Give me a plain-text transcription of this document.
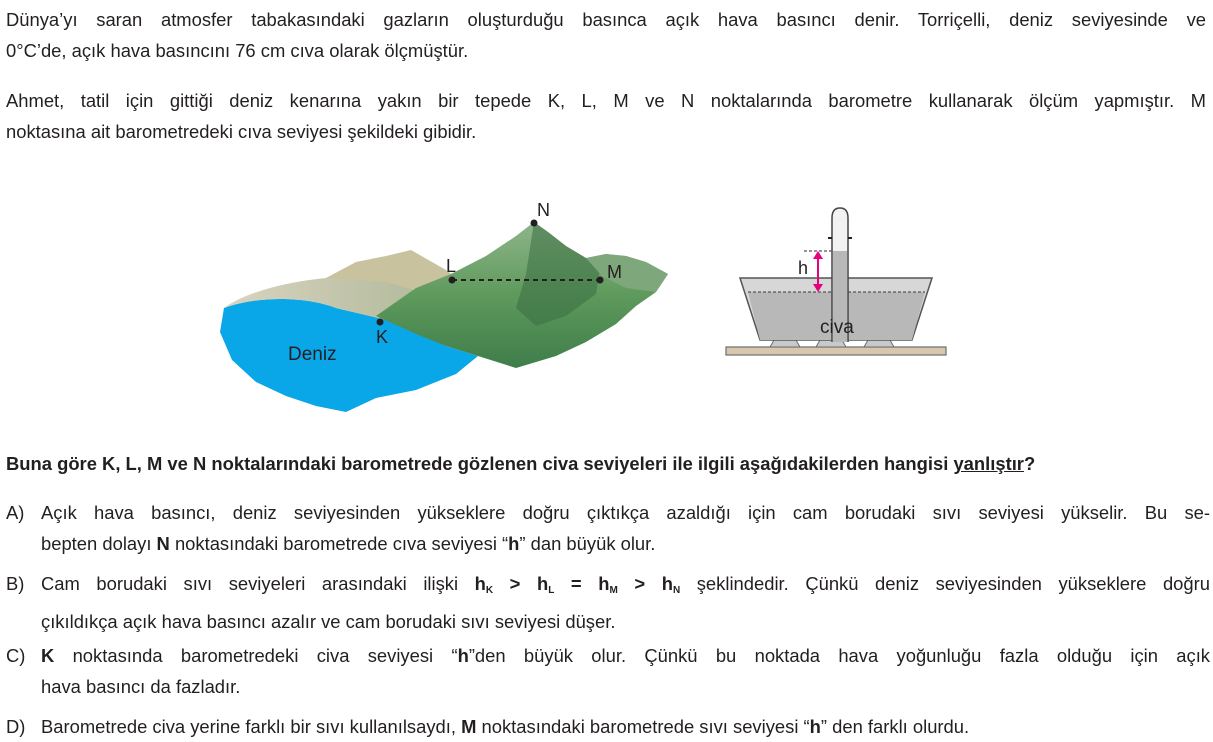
Dünya’yı saran atmosfer tabakasındaki gazların oluşturduğu basınca açık hava basıncı denir. Torriçelli, deniz seviyesinde ve
0°C’de, açık hava basıncını 76 cm cıva olarak ölçmüştür.

Ahmet, tatil için gittiği deniz kenarına yakın bir tepede K, L, M ve N noktalarında barometre kullanarak ölçüm yapmıştır. M
noktasına ait barometredeki cıva seviyesi şekildeki gibidir.

N
L	M
K
Deniz
h
civa

Buna göre K, L, M ve N noktalarındaki barometrede gözlenen civa seviyeleri ile ilgili aşağıdakilerden hangisi yanlıştır?

A) Açık hava basıncı, deniz seviyesinden yükseklere doğru çıktıkça azaldığı için cam borudaki sıvı seviyesi yükselir. Bu se-
bepten dolayı N noktasındaki barometrede cıva seviyesi “h” dan büyük olur.
B) Cam borudaki sıvı seviyeleri arasındaki ilişki $h_K > h_L = h_M > h_N$ şeklindedir. Çünkü deniz seviyesinden yükseklere doğru
çıkıldıkça açık hava basıncı azalır ve cam borudaki sıvı seviyesi düşer.
C) K noktasında barometredeki civa seviyesi “h”den büyük olur. Çünkü bu noktada hava yoğunluğu fazla olduğu için açık
hava basıncı da fazladır.
D) Barometrede civa yerine farklı bir sıvı kullanılsaydı, M noktasındaki barometrede sıvı seviyesi “h” den farklı olurdu.
